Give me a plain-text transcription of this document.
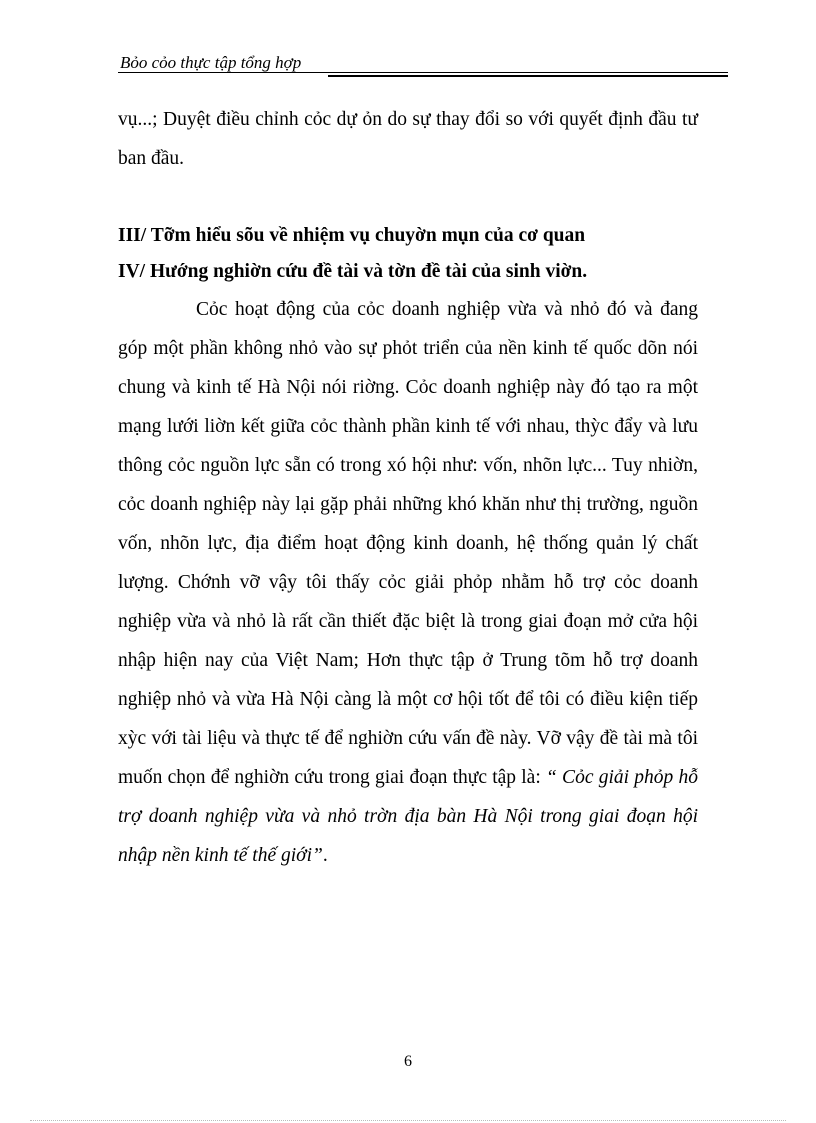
Bỏo cỏo thực tập tổng hợp

vụ...; Duyệt điều chỉnh cỏc dự ỏn do sự thay đổi so với quyết định đầu tư ban đầu.

III/ Tỡm hiểu sõu về nhiệm vụ chuyờn mụn của cơ quan

IV/ Hướng nghiờn cứu đề tài và tờn đề tài của sinh viờn.

Cỏc hoạt động của cỏc doanh nghiệp vừa và nhỏ đó và đang góp một phần không nhỏ vào sự phỏt triển của nền kinh tế quốc dõn nói chung và kinh tế Hà Nội nói riờng. Cỏc doanh nghiệp này đó tạo ra một mạng lưới liờn kết giữa cỏc thành phần kinh tế với nhau, thỳc đẩy và lưu thông cỏc nguồn lực sẵn có trong xó hội như: vốn, nhõn lực... Tuy nhiờn, cỏc doanh nghiệp này lại gặp phải những khó khăn như thị trường, nguồn vốn, nhõn lực, địa điểm hoạt động kinh doanh, hệ thống quản lý chất lượng. Chớnh vỡ vậy tôi thấy cỏc giải phỏp nhằm hỗ trợ cỏc doanh nghiệp vừa và nhỏ là rất cần thiết đặc biệt là trong giai đoạn mở cửa hội nhập hiện nay của Việt Nam; Hơn thực tập ở Trung tõm hỗ trợ doanh nghiệp nhỏ và vừa Hà Nội càng là một cơ hội tốt để tôi có điều kiện tiếp xỳc với tài liệu và thực tế để nghiờn cứu vấn đề này. Vỡ vậy đề tài mà tôi muốn chọn để nghiờn cứu trong giai đoạn thực tập là: “ Cỏc giải phỏp hỗ trợ doanh nghiệp vừa và nhỏ trờn địa bàn Hà Nội trong giai đoạn hội nhập nền kinh tế thế giới”.

6
